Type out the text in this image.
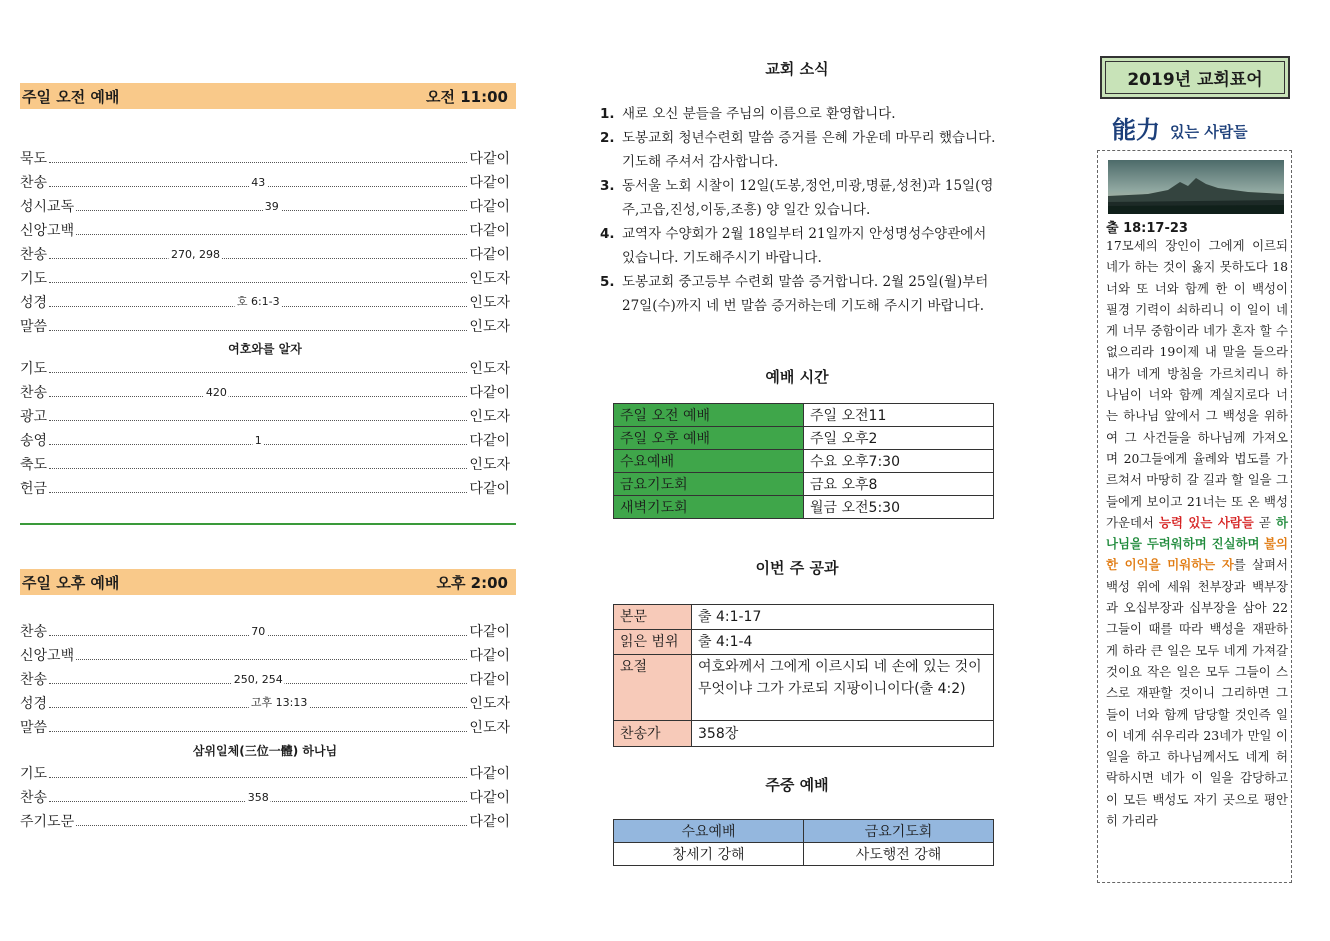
주일 오전 예배	오전 11:00
묵도	다같이
찬송	43	다같이
성시교독	39	다같이
신앙고백	다같이
찬송	270, 298	다같이
기도	인도자
성경	호 6:1-3	인도자
말씀	인도자
여호와를 알자
기도	인도자
찬송	420	다같이
광고	인도자
송영	1	다같이
축도	인도자
헌금	다같이
주일 오후 예배	오후 2:00
찬송	70	다같이
신앙고백	다같이
찬송	250, 254	다같이
성경	고후 13:13	인도자
말씀	인도자
삼위일체(三位一體) 하나님
기도	다같이
찬송	358	다같이
주기도문	다같이
교회 소식
1. 새로 오신 분들을 주님의 이름으로 환영합니다.
2. 도봉교회 청년수련회 말씀 증거를 은혜 가운데 마무리 했습니다. 기도해 주셔서 감사합니다.
3. 동서울 노회 시찰이 12일(도봉,정언,미광,명륜,성천)과 15일(영주,고읍,진성,이동,조흥) 양 일간 있습니다.
4. 교역자 수양회가 2월 18일부터 21일까지 안성명성수양관에서 있습니다. 기도해주시기 바랍니다.
5. 도봉교회 중고등부 수련회 말씀 증거합니다. 2월 25일(월)부터 27일(수)까지 네 번 말씀 증거하는데 기도해 주시기 바랍니다.
예배 시간
주일 오전 예배	주일 오전11
주일 오후 예배	주일 오후2
수요예배	수요 오후7:30
금요기도회	금요 오후8
새벽기도회	월금 오전5:30
이번 주 공과
본문	출 4:1-17
읽은 범위	출 4:1-4
요절	여호와께서 그에게 이르시되 네 손에 있는 것이 무엇이냐 그가 가로되 지팡이니이다(출 4:2)
찬송가	358장
주중 예배
수요예배	금요기도회
창세기 강해	사도행전 강해
2019년 교회표어
能力 있는 사람들
출 18:17-23
17모세의 장인이 그에게 이르되 네가 하는 것이 옳지 못하도다 18너와 또 너와 함께 한 이 백성이 필경 기력이 쇠하리니 이 일이 네게 너무 중함이라 네가 혼자 할 수 없으리라 19이제 내 말을 들으라 내가 네게 방침을 가르치리니 하나님이 너와 함께 계실지로다 너는 하나님 앞에서 그 백성을 위하여 그 사건들을 하나님께 가져오며 20그들에게 율례와 법도를 가르쳐서 마땅히 갈 길과 할 일을 그들에게 보이고 21너는 또 온 백성 가운데서 능력 있는 사람들 곧 하나님을 두려워하며 진실하며 불의한 이익을 미워하는 자를 살펴서 백성 위에 세워 천부장과 백부장과 오십부장과 십부장을 삼아 22그들이 때를 따라 백성을 재판하게 하라 큰 일은 모두 네게 가져갈 것이요 작은 일은 모두 그들이 스스로 재판할 것이니 그리하면 그들이 너와 함께 담당할 것인즉 일이 네게 쉬우리라 23네가 만일 이 일을 하고 하나님께서도 네게 허락하시면 네가 이 일을 감당하고 이 모든 백성도 자기 곳으로 평안히 가리라
